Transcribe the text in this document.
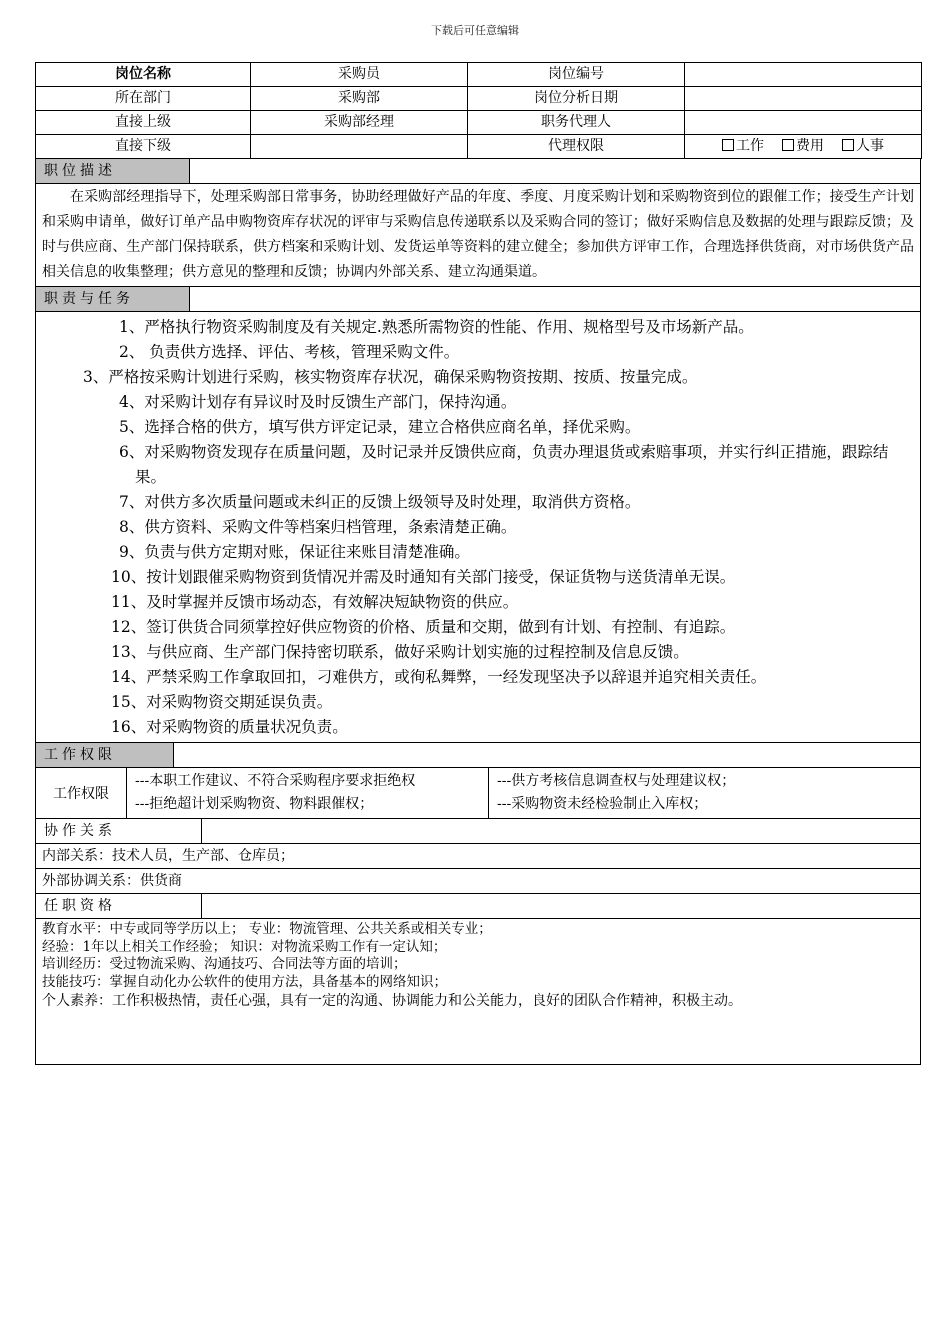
下载后可任意编辑
岗位名称	采购员	岗位编号	
所在部门	采购部	岗位分析日期	
直接上级	采购部经理	职务代理人	
直接下级		代理权限	工作 费用 人事
职位描述
在采购部经理指导下，处理采购部日常事务，协助经理做好产品的年度、季度、月度采购计划和采购物资到位的跟催工作；接受生产计划和采购申请单，做好订单产品申购物资库存状况的评审与采购信息传递联系以及采购合同的签订；做好采购信息及数据的处理与跟踪反馈；及时与供应商、生产部门保持联系，供方档案和采购计划、发货运单等资料的建立健全；参加供方评审工作，合理选择供货商，对市场供货产品相关信息的收集整理；供方意见的整理和反馈；协调内外部关系、建立沟通渠道。
职责与任务
1、严格执行物资采购制度及有关规定.熟悉所需物资的性能、作用、规格型号及市场新产品。
2、 负责供方选择、评估、考核，管理采购文件。
3、严格按采购计划进行采购，核实物资库存状况，确保采购物资按期、按质、按量完成。
4、对采购计划存有异议时及时反馈生产部门，保持沟通。
5、选择合格的供方，填写供方评定记录，建立合格供应商名单，择优采购。
6、对采购物资发现存在质量问题，及时记录并反馈供应商，负责办理退货或索赔事项，并实行纠正措施，跟踪结果。
7、对供方多次质量问题或未纠正的反馈上级领导及时处理，取消供方资格。
8、供方资料、采购文件等档案归档管理，条索清楚正确。
9、负责与供方定期对账，保证往来账目清楚准确。
10、按计划跟催采购物资到货情况并需及时通知有关部门接受，保证货物与送货清单无误。
11、及时掌握并反馈市场动态，有效解决短缺物资的供应。
12、签订供货合同须掌控好供应物资的价格、质量和交期，做到有计划、有控制、有追踪。
13、与供应商、生产部门保持密切联系，做好采购计划实施的过程控制及信息反馈。
14、严禁采购工作拿取回扣，刁难供方，或徇私舞弊，一经发现坚决予以辞退并追究相关责任。
15、对采购物资交期延误负责。
16、对采购物资的质量状况负责。
工作权限
工作权限
---本职工作建议、不符合采购程序要求拒绝权
---拒绝超计划采购物资、物料跟催权；
---供方考核信息调查权与处理建议权；
---采购物资未经检验制止入库权；
协作关系
内部关系：技术人员，生产部、仓库员；
外部协调关系：供货商
任职资格
教育水平：中专或同等学历以上； 专业：物流管理、公共关系或相关专业；
经验：1年以上相关工作经验； 知识：对物流采购工作有一定认知；
培训经历：受过物流采购、沟通技巧、合同法等方面的培训；
技能技巧：掌握自动化办公软件的使用方法，具备基本的网络知识；
个人素养：工作积极热情，责任心强，具有一定的沟通、协调能力和公关能力，良好的团队合作精神，积极主动。
